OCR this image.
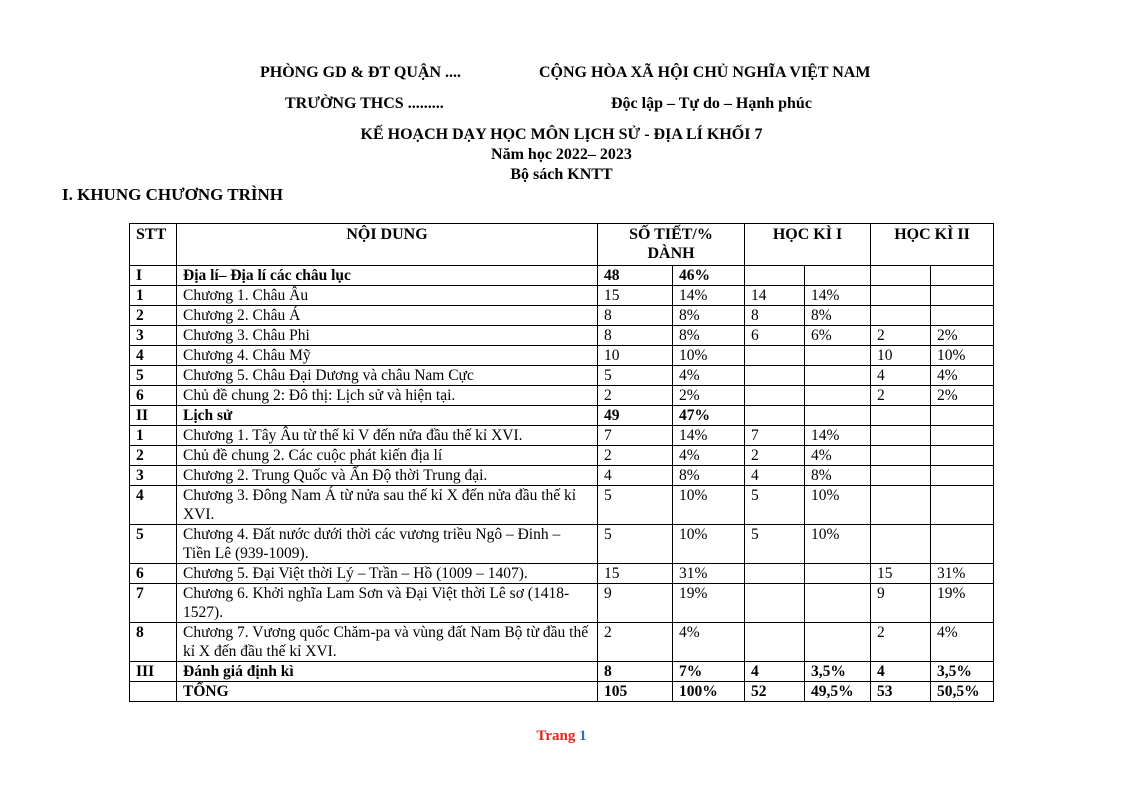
PHÒNG GD & ĐT QUẬN ....	CỘNG HÒA XÃ HỘI CHỦ NGHĨA VIỆT NAM
TRƯỜNG THCS .........	Độc lập – Tự do – Hạnh phúc
KẾ HOẠCH DẠY HỌC MÔN LỊCH SỬ - ĐỊA LÍ KHỐI 7
Năm học 2022– 2023
Bộ sách KNTT
I. KHUNG CHƯƠNG TRÌNH
STT	NỘI DUNG	SỐ TIẾT/% DÀNH		HỌC KÌ I		HỌC KÌ II	
I	Địa lí– Địa lí các châu lục	48	46%				
1	Chương 1. Châu Âu	15	14%	14	14%		
2	Chương 2. Châu Á	8	8%	8	8%		
3	Chương 3. Châu Phi	8	8%	6	6%	2	2%
4	Chương 4. Châu Mỹ	10	10%			10	10%
5	Chương 5. Châu Đại Dương và châu Nam Cực	5	4%			4	4%
6	Chủ đề chung 2: Đô thị: Lịch sử và hiện tại.	2	2%			2	2%
II	Lịch sử	49	47%				
1	Chương 1. Tây Âu từ thế kỉ V đến nửa đầu thế kỉ XVI.	7	14%	7	14%		
2	Chủ đề chung 2. Các cuộc phát kiến địa lí	2	4%	2	4%		
3	Chương 2. Trung Quốc và Ấn Độ thời Trung đại.	4	8%	4	8%		
4	Chương 3. Đông Nam Á từ nửa sau thế kỉ X đến nửa đầu thế kỉ XVI.	5	10%	5	10%		
5	Chương 4. Đất nước dưới thời các vương triều Ngô – Đinh – Tiền Lê (939-1009).	5	10%	5	10%		
6	Chương 5. Đại Việt thời Lý – Trần – Hồ (1009 – 1407).	15	31%			15	31%
7	Chương 6. Khởi nghĩa Lam Sơn và Đại Việt thời Lê sơ (1418-1527).	9	19%			9	19%
8	Chương 7. Vương quốc Chăm-pa và vùng đất Nam Bộ từ đầu thế kỉ X đến đầu thế kỉ XVI.	2	4%			2	4%
III	Đánh giá định kì	8	7%	4	3,5%	4	3,5%
	TỔNG	105	100%	52	49,5%	53	50,5%
Trang 1
